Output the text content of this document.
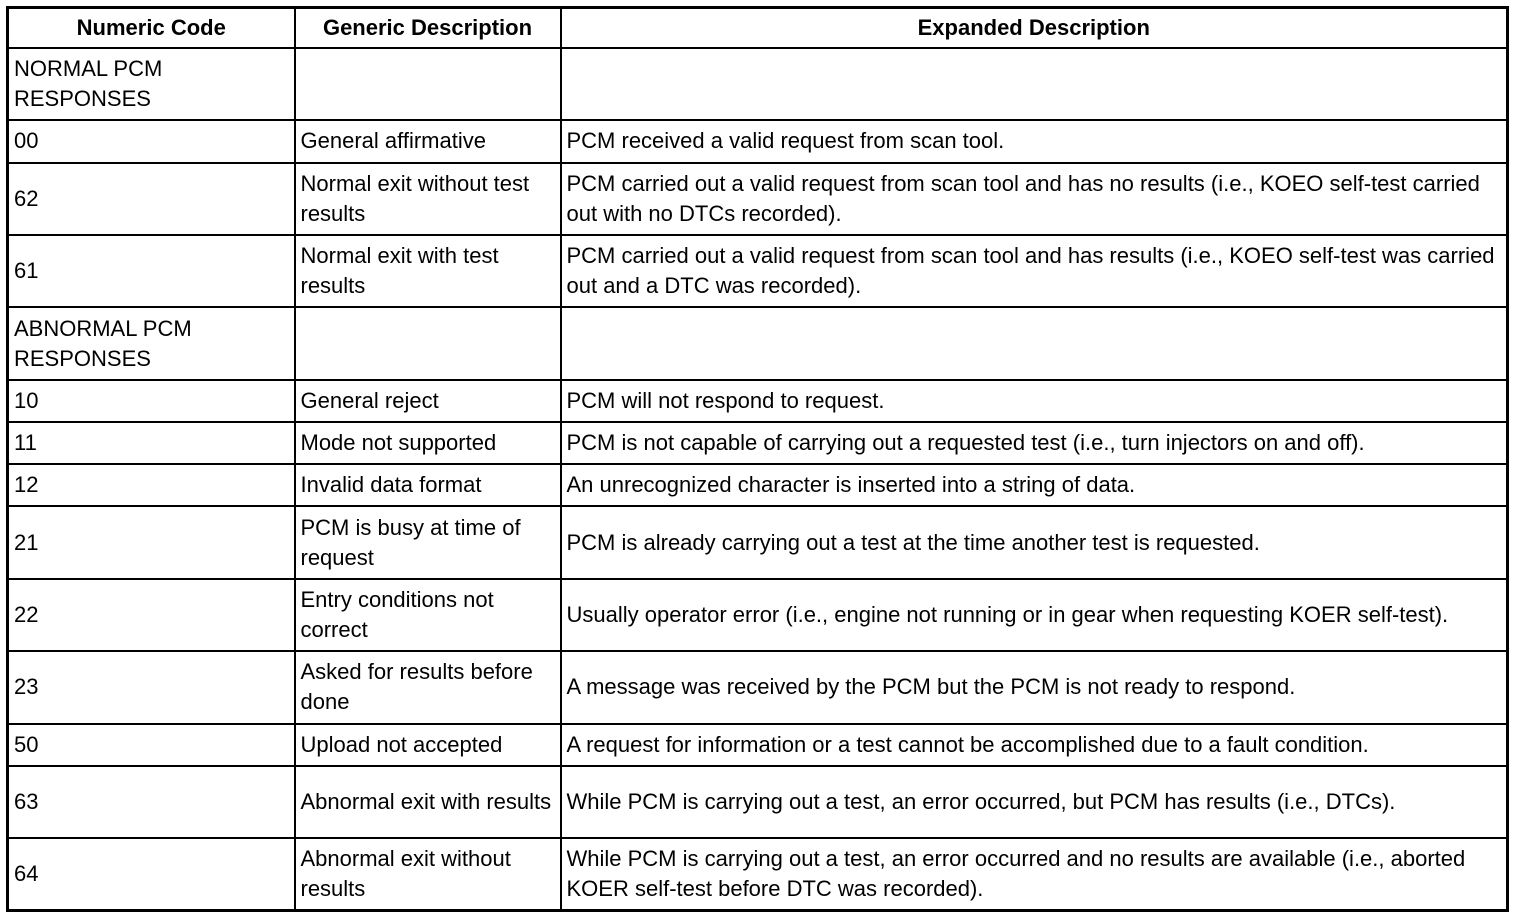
Numeric Code	Generic Description	Expanded Description
NORMAL PCM RESPONSES		
00	General affirmative	PCM received a valid request from scan tool.
62	Normal exit without test results	PCM carried out a valid request from scan tool and has no results (i.e., KOEO self-test carried out with no DTCs recorded).
61	Normal exit with test results	PCM carried out a valid request from scan tool and has results (i.e., KOEO self-test was carried out and a DTC was recorded).
ABNORMAL PCM RESPONSES		
10	General reject	PCM will not respond to request.
11	Mode not supported	PCM is not capable of carrying out a requested test (i.e., turn injectors on and off).
12	Invalid data format	An unrecognized character is inserted into a string of data.
21	PCM is busy at time of request	PCM is already carrying out a test at the time another test is requested.
22	Entry conditions not correct	Usually operator error (i.e., engine not running or in gear when requesting KOER self-test).
23	Asked for results before done	A message was received by the PCM but the PCM is not ready to respond.
50	Upload not accepted	A request for information or a test cannot be accomplished due to a fault condition.
63	Abnormal exit with results	While PCM is carrying out a test, an error occurred, but PCM has results (i.e., DTCs).
64	Abnormal exit without results	While PCM is carrying out a test, an error occurred and no results are available (i.e., aborted KOER self-test before DTC was recorded).
